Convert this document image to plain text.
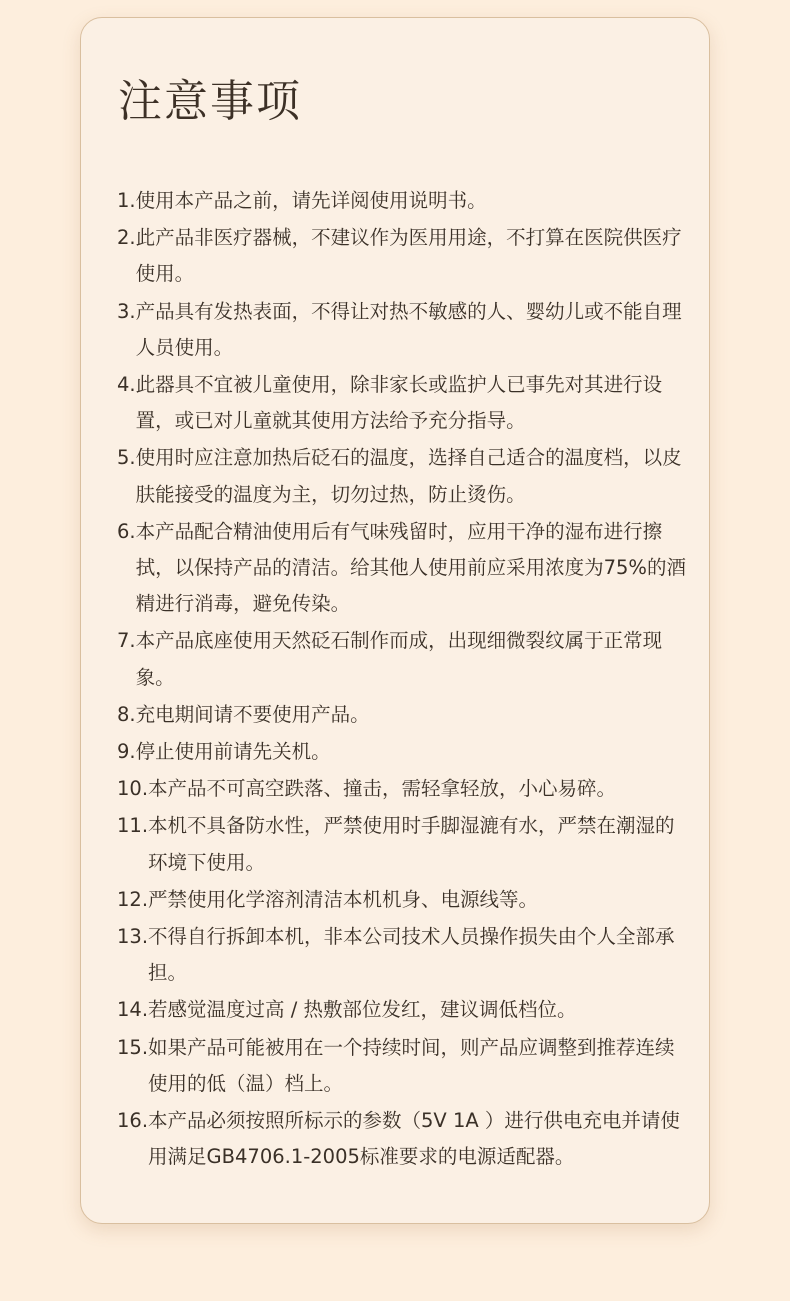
注意事项
1. 使用本产品之前，请先详阅使用说明书。
2. 此产品非医疗器械，不建议作为医用用途，不打算在医院供医疗使用。
3. 产品具有发热表面，不得让对热不敏感的人、婴幼儿或不能自理人员使用。
4. 此器具不宜被儿童使用，除非家长或监护人已事先对其进行设置，或已对儿童就其使用方法给予充分指导。
5. 使用时应注意加热后砭石的温度，选择自己适合的温度档，以皮肤能接受的温度为主，切勿过热，防止烫伤。
6. 本产品配合精油使用后有气味残留时，应用干净的湿布进行擦拭，以保持产品的清洁。给其他人使用前应采用浓度为75%的酒精进行消毒，避免传染。
7. 本产品底座使用天然砭石制作而成，出现细微裂纹属于正常现象。
8. 充电期间请不要使用产品。
9. 停止使用前请先关机。
10. 本产品不可高空跌落、撞击，需轻拿轻放，小心易碎。
11. 本机不具备防水性，严禁使用时手脚湿漉有水，严禁在潮湿的环境下使用。
12. 严禁使用化学溶剂清洁本机机身、电源线等。
13. 不得自行拆卸本机，非本公司技术人员操作损失由个人全部承担。
14. 若感觉温度过高 / 热敷部位发红，建议调低档位。
15. 如果产品可能被用在一个持续时间，则产品应调整到推荐连续使用的低（温）档上。
16. 本产品必须按照所标示的参数（5V 1A ）进行供电充电并请使用满足GB4706.1-2005标准要求的电源适配器。
